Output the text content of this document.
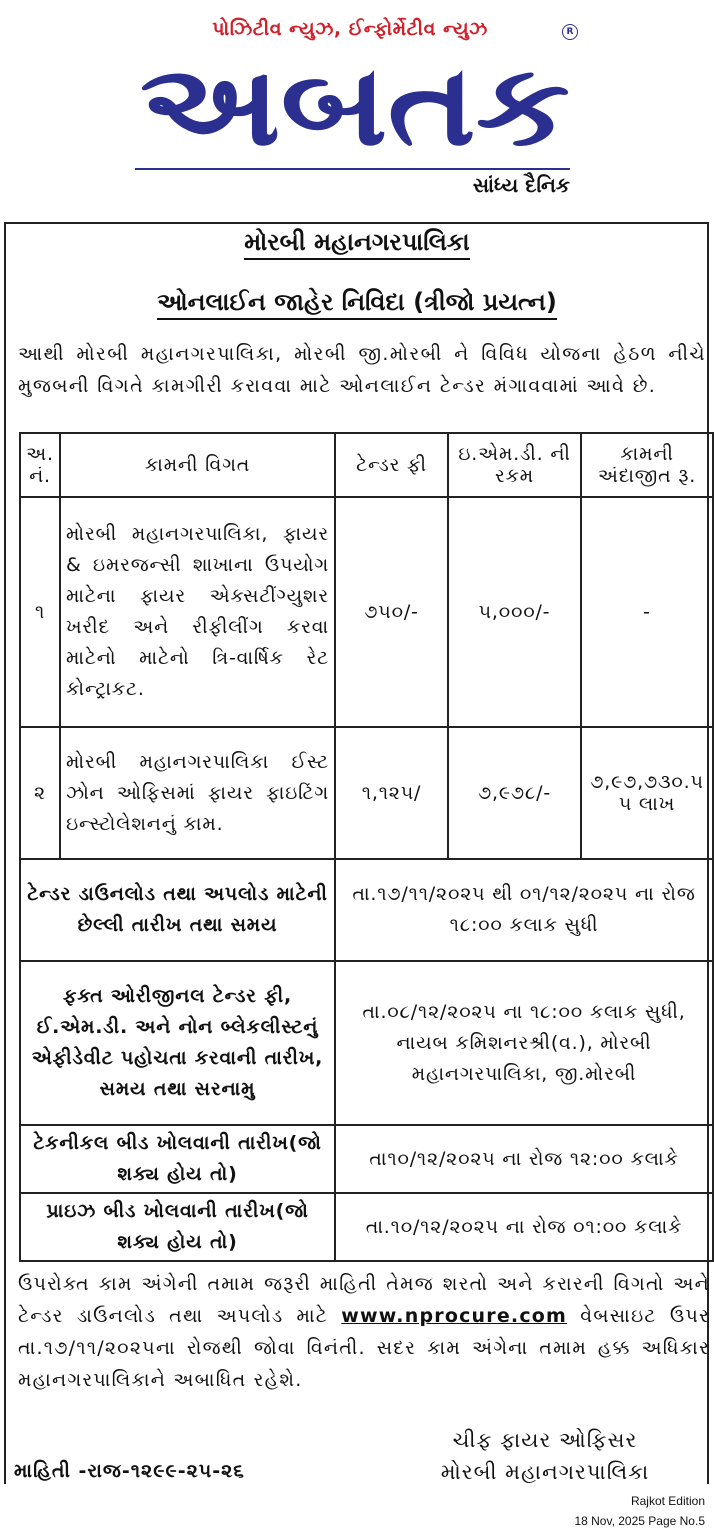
પોઝિટીવ ન્યુઝ, ઈન્ફોર્મેટીવ ન્યુઝ	R
અબતક
સાંધ્ય દૈનિક
મોરબી મહાનગરપાલિકા
ઓનલાઈન જાહેર નિવિદા (ત્રીજો પ્રયત્ન)
આથી મોરબી મહાનગરપાલિકા, મોરબી જી.મોરબી ને વિવિધ યોજના હેઠળ નીચે મુજબની વિગતે કામગીરી કરાવવા માટે ઓનલાઈન ટેન્ડર મંગાવવામાં આવે છે.
અ. નં.	કામની વિગત	ટેન્ડર ફી	ઇ.એમ.ડી. ની રકમ	કામની અંદાજીત રૂ.
૧	મોરબી મહાનગરપાલિકા, ફાયર & ઇમરજન્સી શાખાના ઉપયોગ માટેના ફાયર એક્સટીંગ્યુશર ખરીદ અને રીફીલીંગ કરવા માટેનો માટેનો ત્રિ-વાર્ષિક રેટ કોન્ટ્રાકટ.	૭૫૦/-	૫,૦૦૦/-	-
૨	મોરબી મહાનગરપાલિકા ઈસ્ટ ઝોન ઓફિસમાં ફાયર ફાઇટિંગ ઇન્સ્ટોલેશનનું કામ.	૧,૧૨૫/	૭,૯૭૮/-	૭,૯૭,૭૩૦.૫ ૫ લાખ
ટેન્ડર ડાઉનલોડ તથા અપલોડ માટેની છેલ્લી તારીખ તથા સમય		તા.૧૭/૧૧/૨૦૨૫ થી ૦૧/૧૨/૨૦૨૫ ના રોજ ૧૮:૦૦ કલાક સુધી		
ફક્ત ઓરીજીનલ ટેન્ડર ફી, ઈ.એમ.ડી. અને નોન બ્લેકલીસ્ટનું એફીડેવીટ પહોચતા કરવાની તારીખ, સમય તથા સરનામુ		તા.૦૮/૧૨/૨૦૨૫ ના ૧૮:૦૦ કલાક સુધી, નાયબ કમિશનરશ્રી(વ.), મોરબી મહાનગરપાલિકા, જી.મોરબી		
ટેકનીકલ બીડ ખોલવાની તારીખ(જો શક્ય હોય તો)		તા૧૦/૧૨/૨૦૨૫ ના રોજ ૧૨:૦૦ કલાકે		
પ્રાઇઝ બીડ ખોલવાની તારીખ(જો શક્ય હોય તો)		તા.૧૦/૧૨/૨૦૨૫ ના રોજ ૦૧:૦૦ કલાકે		
ઉપરોક્ત કામ અંગેની તમામ જરૂરી માહિતી તેમજ શરતો અને કરારની વિગતો અને ટેન્ડર ડાઉનલોડ તથા અપલોડ માટે www.nprocure.com વેબસાઇટ ઉપર તા.૧૭/૧૧/૨૦૨૫ના રોજથી જોવા વિનંતી. સદર કામ અંગેના તમામ હક્ક અધિકાર મહાનગરપાલિકાને અબાધિત રહેશે.
ચીફ ફાયર ઓફિસર
માહિતી -રાજ-૧૨૯૯-૨૫-૨૬	મોરબી મહાનગરપાલિકા
Rajkot Edition
18 Nov, 2025 Page No.5
